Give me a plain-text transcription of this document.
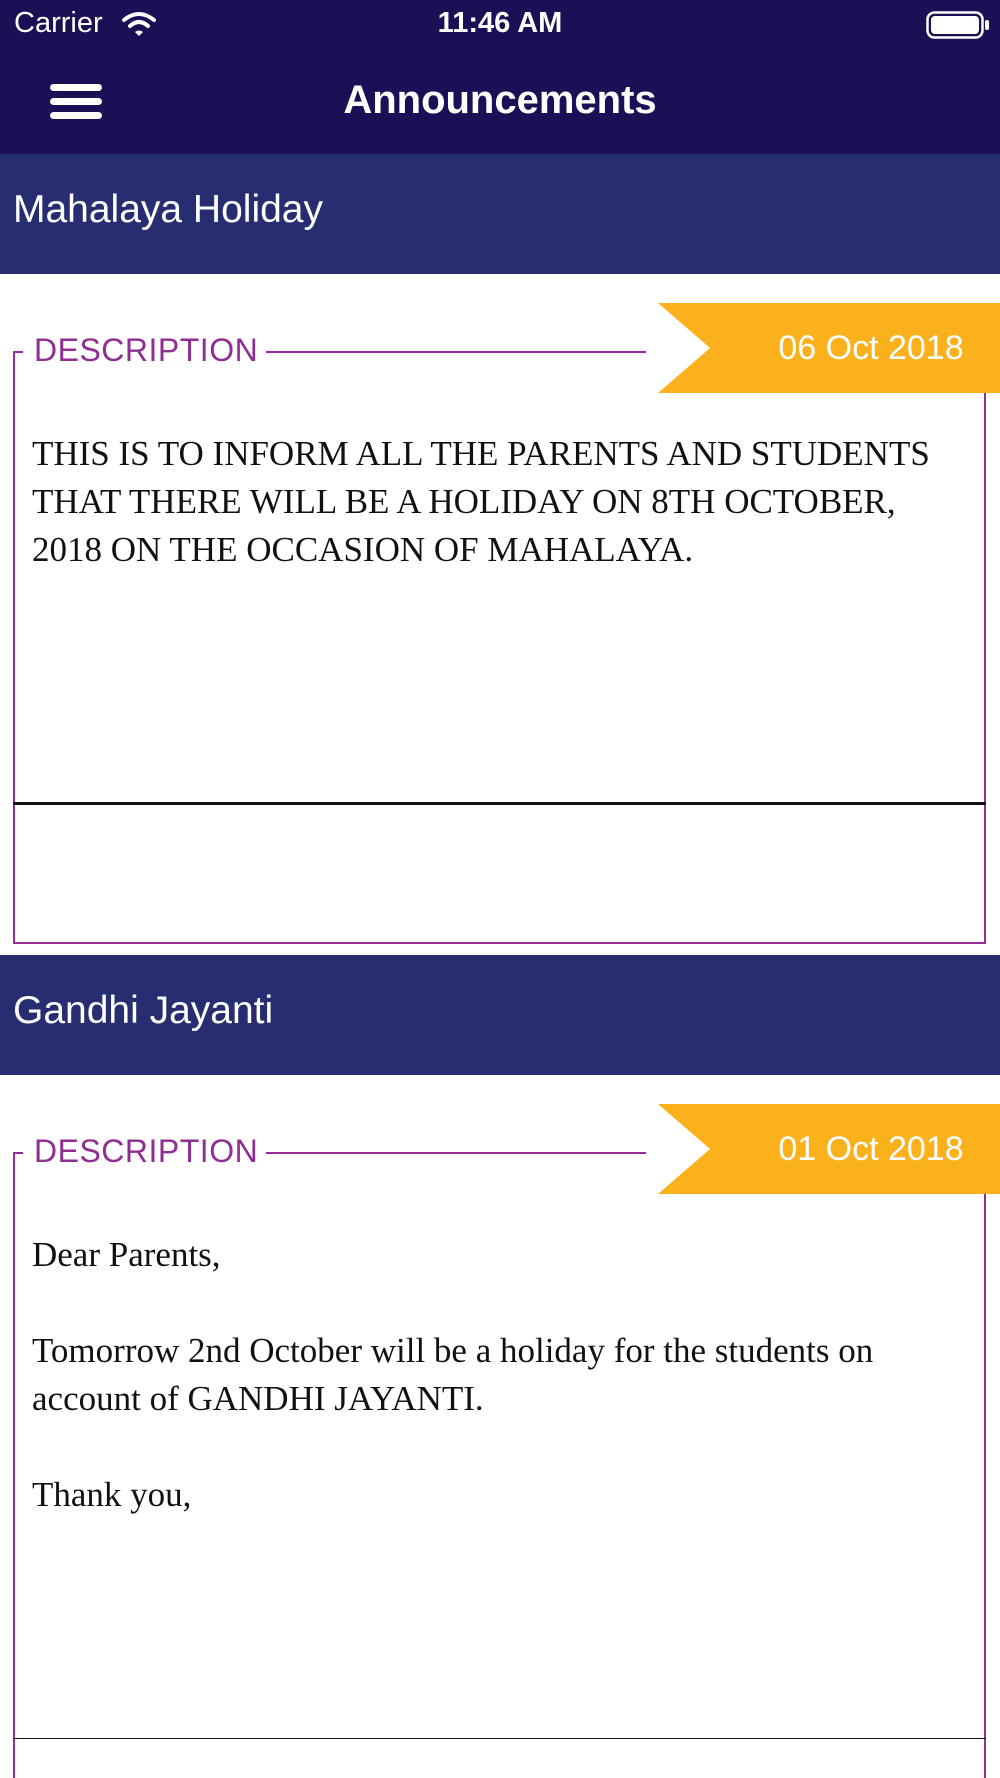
Carrier	11:46 AM
Announcements
Mahalaya Holiday
DESCRIPTION	06 Oct 2018

THIS IS TO INFORM ALL THE PARENTS AND STUDENTS THAT THERE WILL BE A HOLIDAY ON 8TH OCTOBER, 2018 ON THE OCCASION OF MAHALAYA.

Gandhi Jayanti
DESCRIPTION	01 Oct 2018

Dear Parents,

Tomorrow 2nd October will be a holiday for the students on account of GANDHI JAYANTI.

Thank you,
